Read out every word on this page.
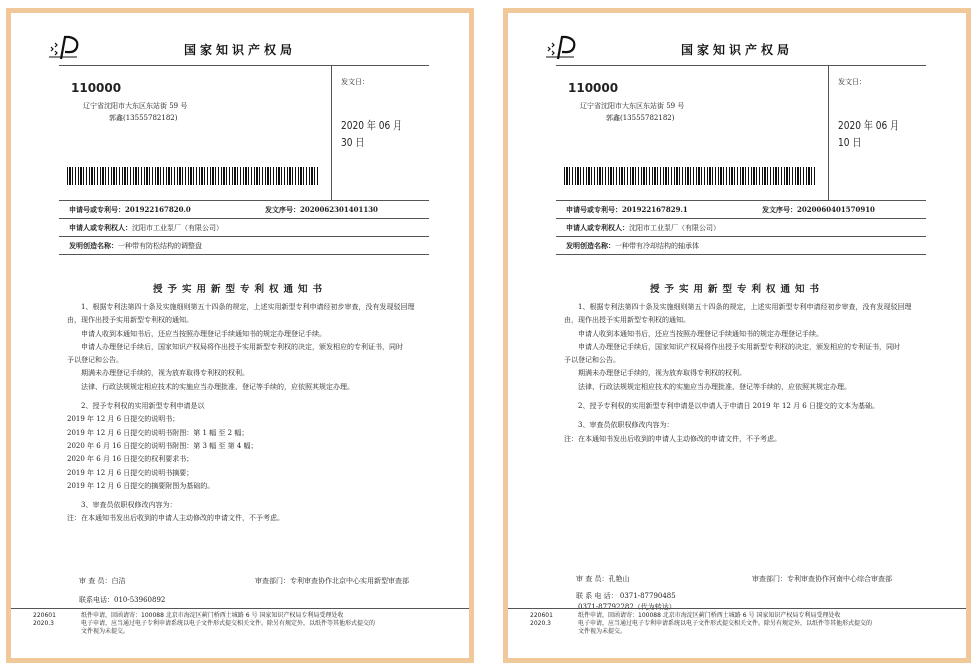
国家知识产权局
110000
辽宁省沈阳市大东区东站街 59 号
郭鑫(13555782182)
发文日：
2020 年 06 月 30 日
申请号或专利号：201922167820.0	发文序号：2020062301401130
申请人或专利权人：沈阳市工业泵厂（有限公司）
发明创造名称：一种带有防松结构的调整盘
授予实用新型专利权通知书

1、根据专利法第四十条及实施细则第五十四条的规定，上述实用新型专利申请经初步审查，没有发现驳回理

由，现作出授予实用新型专利权的通知。

申请人收到本通知书后，还应当按照办理登记手续通知书的规定办理登记手续。

申请人办理登记手续后，国家知识产权局将作出授予实用新型专利权的决定，颁发相应的专利证书，同时

予以登记和公告。

期满未办理登记手续的，视为放弃取得专利权的权利。

法律、行政法规规定相应技术的实施应当办理批准、登记等手续的，应依照其规定办理。

2、授予专利权的实用新型专利申请是以

2019 年 12 月 6 日提交的说明书；

2019 年 12 月 6 日提交的说明书附图：第 1 幅 至 2 幅；

2020 年 6 月 16 日提交的说明书附图：第 3 幅 至 第 4 幅；

2020 年 6 月 16 日提交的权利要求书；

2019 年 12 月 6 日提交的说明书摘要；

2019 年 12 月 6 日提交的摘要附图为基础的。

3、审查员依职权修改内容为：

注：在本通知书发出后收到的申请人主动修改的申请文件，不予考虑。

审 查 员：白洁	审查部门：专利审查协作北京中心实用新型审查部
联系电话：010-53960892
220601
2020.3
纸件申请，回函请寄：100088 北京市海淀区蓟门桥西土城路 6 号 国家知识产权局专利局受理处收
电子申请，应当通过电子专利申请系统以电子文件形式提交相关文件。除另有规定外，以纸件等其他形式提交的
文件视为未提交。
国家知识产权局
110000
辽宁省沈阳市大东区东站街 59 号
郭鑫(13555782182)
发文日：
2020 年 06 月 10 日
申请号或专利号：201922167829.1	发文序号：2020060401570910
申请人或专利权人：沈阳市工业泵厂（有限公司）
发明创造名称：一种带有冷却结构的轴承体
授予实用新型专利权通知书

1、根据专利法第四十条及实施细则第五十四条的规定，上述实用新型专利申请经初步审查，没有发现驳回理

由，现作出授予实用新型专利权的通知。

申请人收到本通知书后，还应当按照办理登记手续通知书的规定办理登记手续。

申请人办理登记手续后，国家知识产权局将作出授予实用新型专利权的决定，颁发相应的专利证书，同时

予以登记和公告。

期满未办理登记手续的，视为放弃取得专利权的权利。

法律、行政法规规定相应技术的实施应当办理批准、登记等手续的，应依照其规定办理。

2、授予专利权的实用新型专利申请是以申请人于申请日 2019 年 12 月 6 日提交的文本为基础。

3、审查员依职权修改内容为：

注：在本通知书发出后收到的申请人主动修改的申请文件，不予考虑。

审 查 员：孔艳山	审查部门：专利审查协作河南中心综合审查部
联 系 电 话： 0371-87790485
0371-87792282（代为转达）
220601
2020.3
纸件申请，回函请寄：100088 北京市海淀区蓟门桥西土城路 6 号 国家知识产权局专利局受理处收
电子申请，应当通过电子专利申请系统以电子文件形式提交相关文件。除另有规定外，以纸件等其他形式提交的
文件视为未提交。
